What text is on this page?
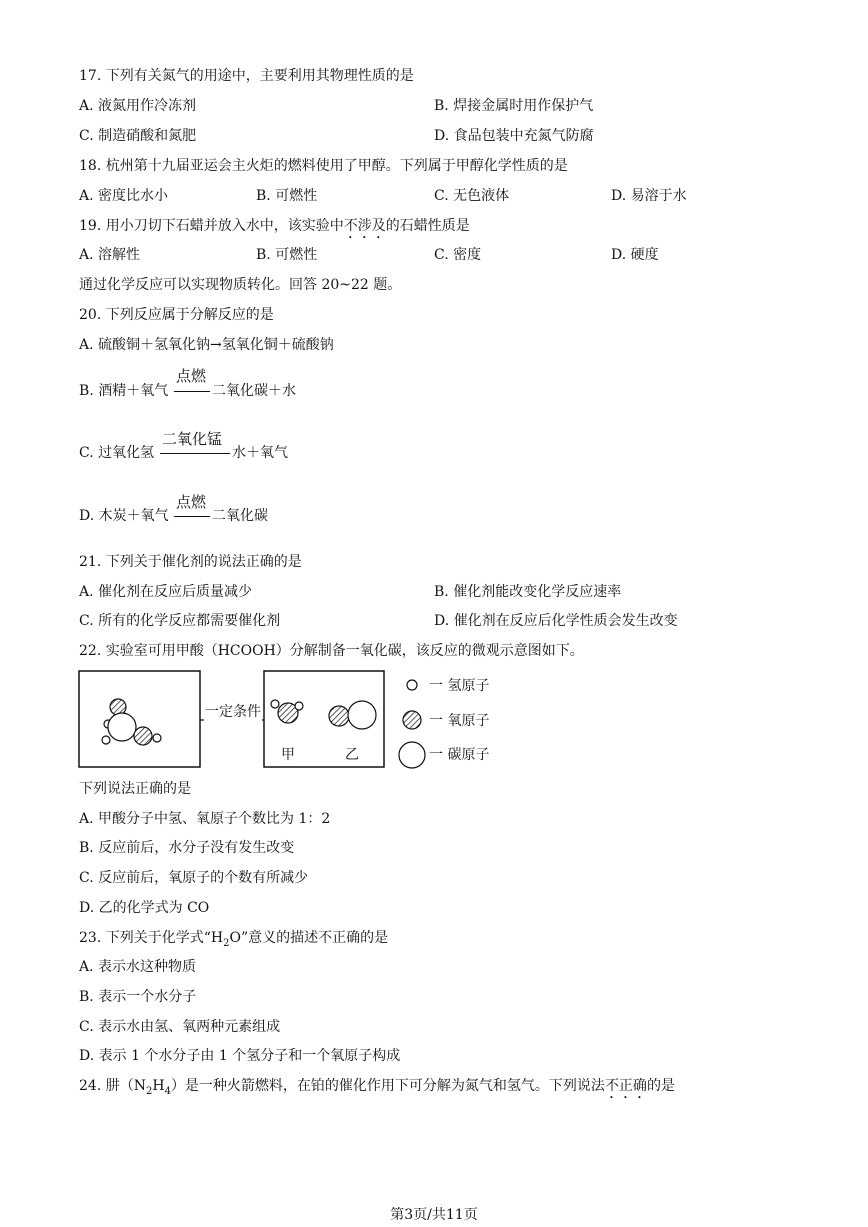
17. 下列有关氮气的用途中，主要利用其物理性质的是
A. 液氮用作冷冻剂	B. 焊接金属时用作保护气
C. 制造硝酸和氮肥	D. 食品包装中充氮气防腐
18. 杭州第十九届亚运会主火炬的燃料使用了甲醇。下列属于甲醇化学性质的是
A. 密度比水小	B. 可燃性	C. 无色液体	D. 易溶于水
19. 用小刀切下石蜡并放入水中，该实验中不涉及的石蜡性质是
A. 溶解性	B. 可燃性	C. 密度	D. 硬度
通过化学反应可以实现物质转化。回答 20~22 题。
20. 下列反应属于分解反应的是
A. 硫酸铜＋氢氧化钠→氢氧化铜＋硫酸钠
B. 酒精＋氧气
点燃
二氧化碳＋水
C. 过氧化氢
二氧化锰
水＋氧气
D. 木炭＋氧气
点燃
二氧化碳
21. 下列关于催化剂的说法正确的是
A. 催化剂在反应后质量减少	B. 催化剂能改变化学反应速率
C. 所有的化学反应都需要催化剂	D. 催化剂在反应后化学性质会发生改变
22. 实验室可用甲酸（HCOOH）分解制备一氧化碳，该反应的微观示意图如下。
一定条件
甲	乙
一 氢原子
一 氧原子
一 碳原子
下列说法正确的是
A. 甲酸分子中氢、氧原子个数比为 1：2
B. 反应前后，水分子没有发生改变
C. 反应前后，氧原子的个数有所减少
D. 乙的化学式为 CO
23. 下列关于化学式“$H_2O$”意义的描述不正确的是
A. 表示水这种物质
B. 表示一个水分子
C. 表示水由氢、氧两种元素组成
D. 表示 1 个水分子由 1 个氢分子和一个氧原子构成
24. 肼$(N_2H_4)$是一种火箭燃料，在铂的催化作用下可分解为氮气和氢气。下列说法不正确的是
第3页/共11页
